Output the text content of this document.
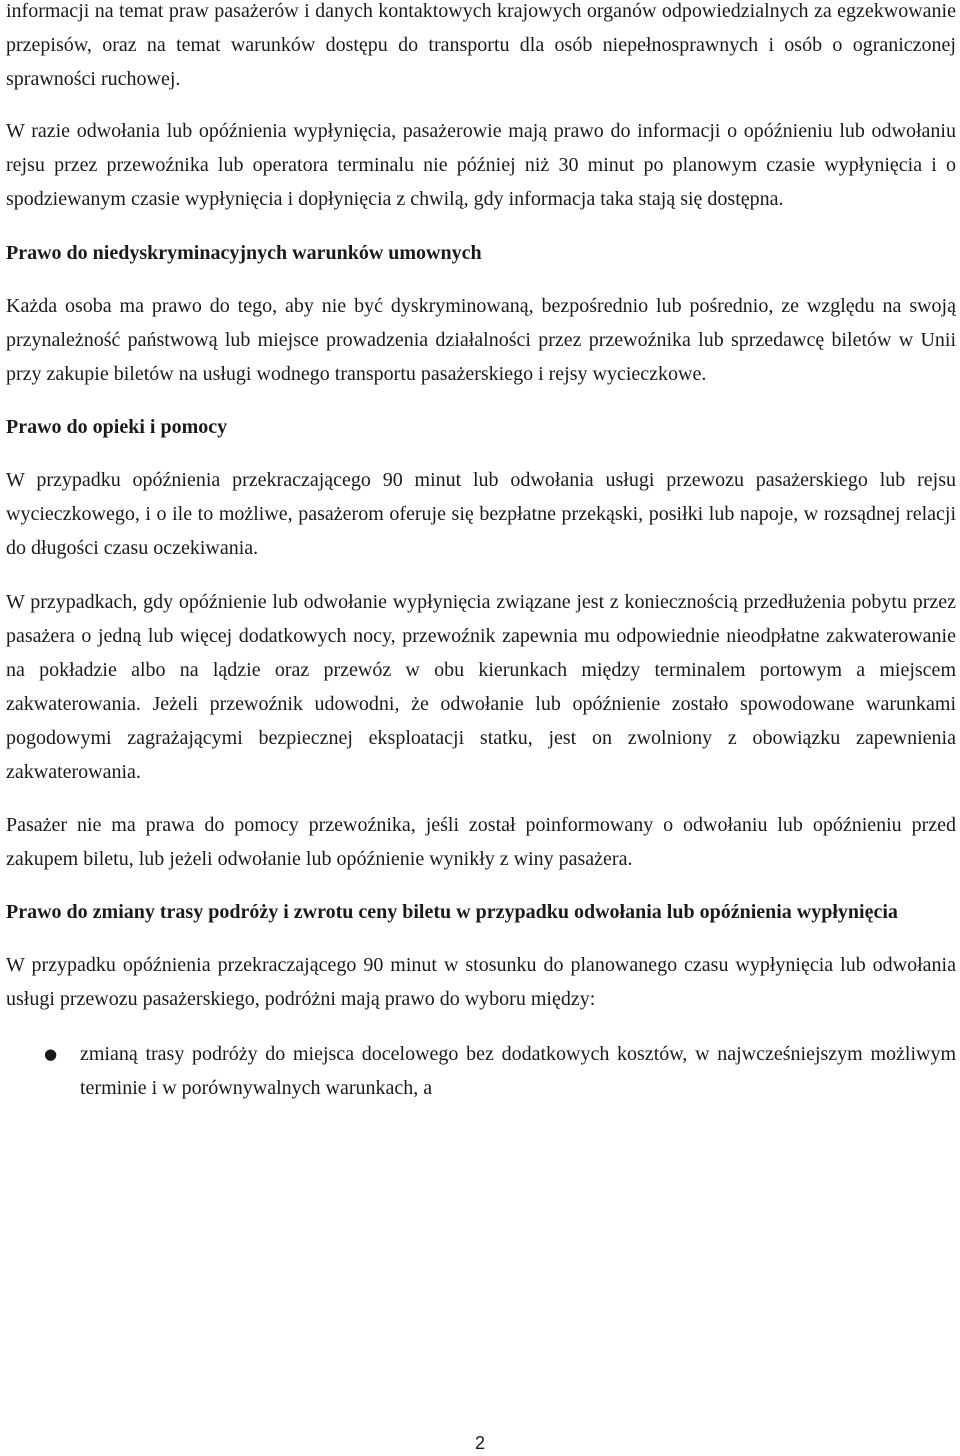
informacji na temat praw pasażerów i danych kontaktowych krajowych organów odpowiedzialnych za egzekwowanie przepisów, oraz na temat warunków dostępu do transportu dla osób niepełnosprawnych i osób o ograniczonej sprawności ruchowej.

W razie odwołania lub opóźnienia wypłynięcia, pasażerowie mają prawo do informacji o opóźnieniu lub odwołaniu rejsu przez przewoźnika lub operatora terminalu nie później niż 30 minut po planowym czasie wypłynięcia i o spodziewanym czasie wypłynięcia i dopłynięcia z chwilą, gdy informacja taka stają się dostępna.

Prawo do niedyskryminacyjnych warunków umownych

Każda osoba ma prawo do tego, aby nie być dyskryminowaną, bezpośrednio lub pośrednio, ze względu na swoją przynależność państwową lub miejsce prowadzenia działalności przez przewoźnika lub sprzedawcę biletów w Unii przy zakupie biletów na usługi wodnego transportu pasażerskiego i rejsy wycieczkowe.

Prawo do opieki i pomocy

W przypadku opóźnienia przekraczającego 90 minut lub odwołania usługi przewozu pasażerskiego lub rejsu wycieczkowego, i o ile to możliwe, pasażerom oferuje się bezpłatne przekąski, posiłki lub napoje, w rozsądnej relacji do długości czasu oczekiwania.

W przypadkach, gdy opóźnienie lub odwołanie wypłynięcia związane jest z koniecznością przedłużenia pobytu przez pasażera o jedną lub więcej dodatkowych nocy, przewoźnik zapewnia mu odpowiednie nieodpłatne zakwaterowanie na pokładzie albo na lądzie oraz przewóz w obu kierunkach między terminalem portowym a miejscem zakwaterowania. Jeżeli przewoźnik udowodni, że odwołanie lub opóźnienie zostało spowodowane warunkami pogodowymi zagrażającymi bezpiecznej eksploatacji statku, jest on zwolniony z obowiązku zapewnienia zakwaterowania.

Pasażer nie ma prawa do pomocy przewoźnika, jeśli został poinformowany o odwołaniu lub opóźnieniu przed zakupem biletu, lub jeżeli odwołanie lub opóźnienie wynikły z winy pasażera.

Prawo do zmiany trasy podróży i zwrotu ceny biletu w przypadku odwołania lub opóźnienia wypłynięcia

W przypadku opóźnienia przekraczającego 90 minut w stosunku do planowanego czasu wypłynięcia lub odwołania usługi przewozu pasażerskiego, podróżni mają prawo do wyboru między:

● zmianą trasy podróży do miejsca docelowego bez dodatkowych kosztów, w najwcześniejszym możliwym terminie i w porównywalnych warunkach, a
2
